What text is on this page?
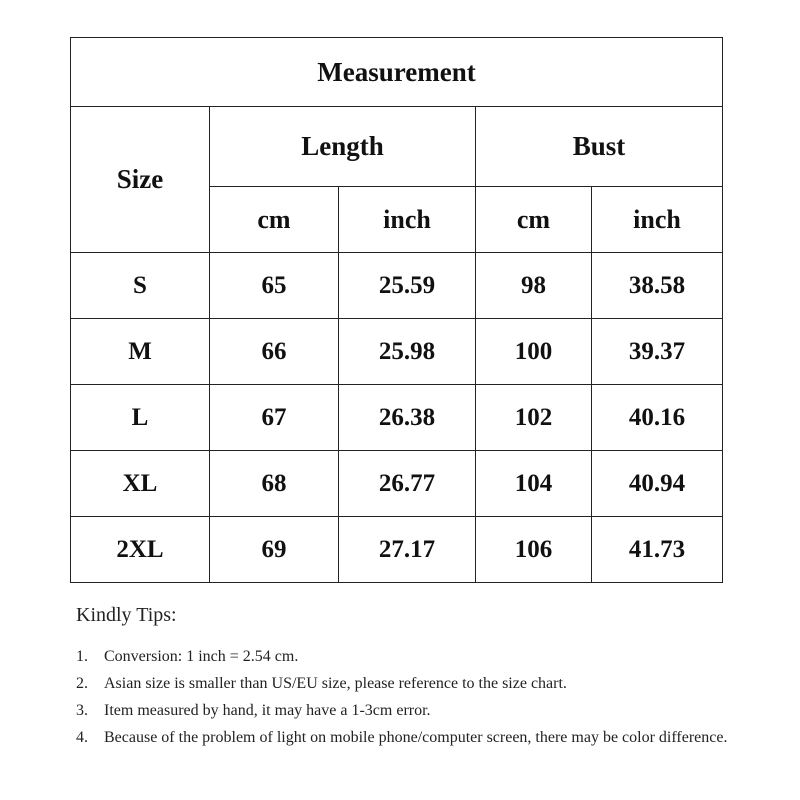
Measurement				
Size	Length		Bust	
	cm	inch	cm	inch
S	65	25.59	98	38.58
M	66	25.98	100	39.37
L	67	26.38	102	40.16
XL	68	26.77	104	40.94
2XL	69	27.17	106	41.73
Kindly Tips:
1. Conversion: 1 inch = 2.54 cm.
2. Asian size is smaller than US/EU size, please reference to the size chart.
3. Item measured by hand, it may have a 1-3cm error.
4. Because of the problem of light on mobile phone/computer screen, there may be color difference.
